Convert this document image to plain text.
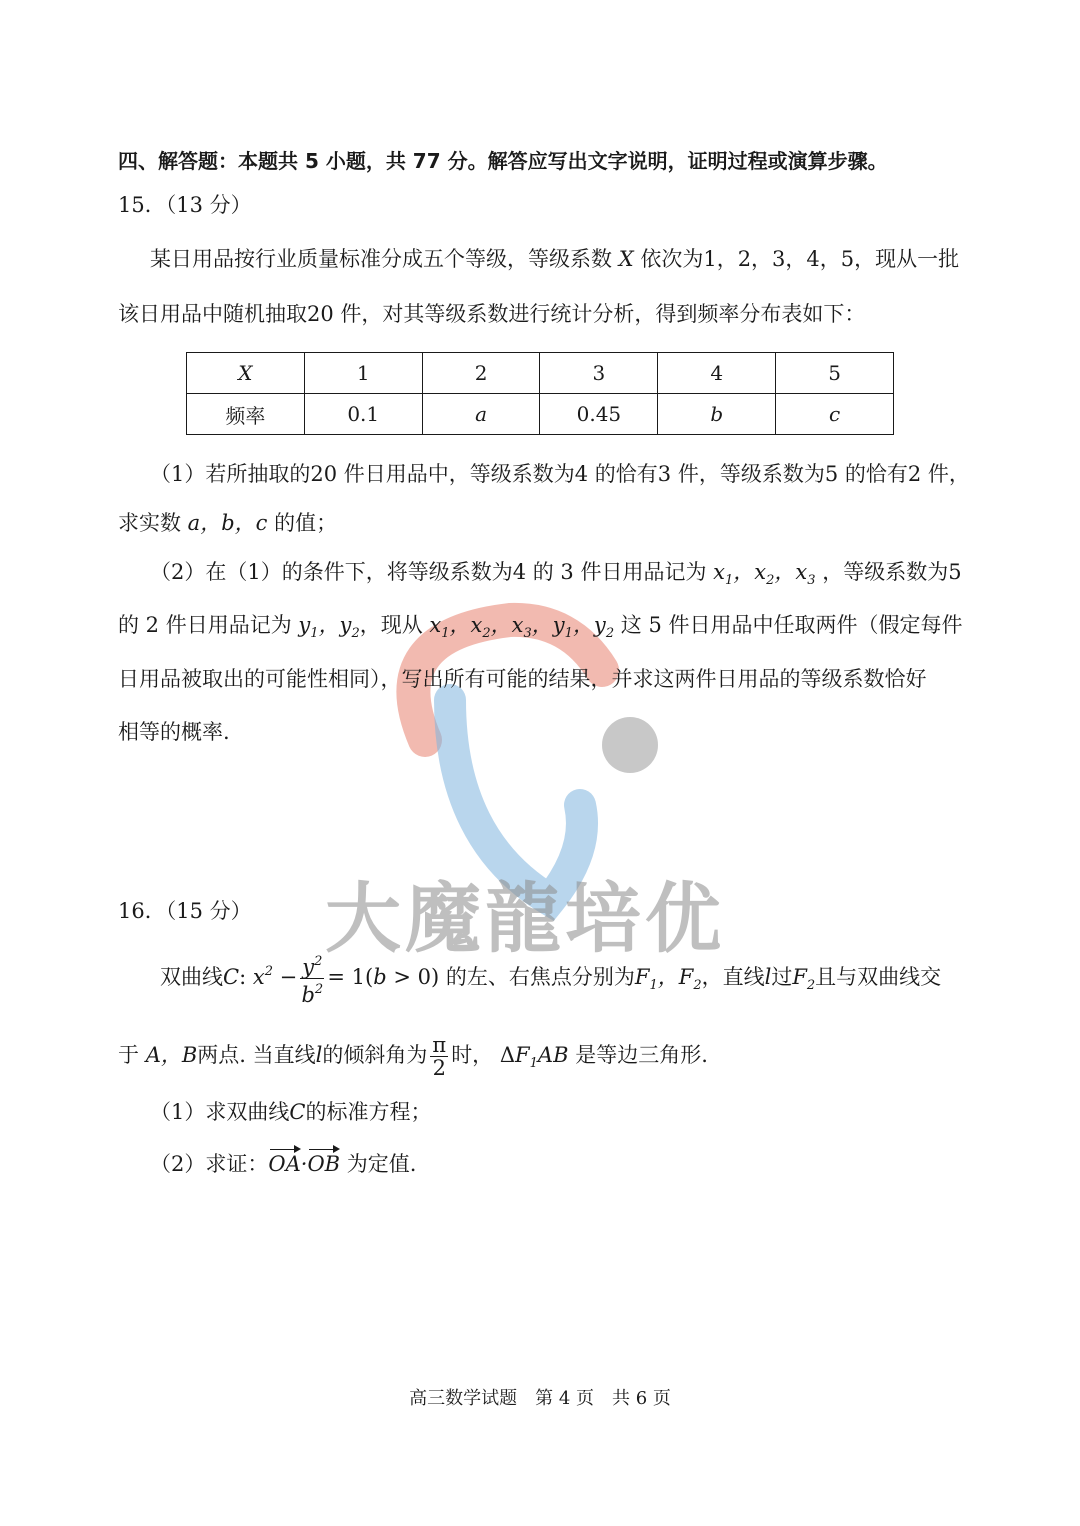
大魔龍培优
四、解答题：本题共 5 小题，共 77 分。解答应写出文字说明，证明过程或演算步骤。
15．（13 分）
某日用品按行业质量标准分成五个等级，等级系数 X 依次为1，2，3，4，5，现从一批
该日用品中随机抽取20 件，对其等级系数进行统计分析，得到频率分布表如下：
X	1	2	3	4	5
频率	0.1	a	0.45	b	c
（1）若所抽取的20 件日用品中，等级系数为4 的恰有3 件，等级系数为5 的恰有2 件，
求实数 a，b，c 的值；
（2）在（1）的条件下，将等级系数为4 的 3 件日用品记为 $x_1$，$x_2$，$x_3$ ，等级系数为5
的 2 件日用品记为 $y_1$，$y_2$，现从 $x_1$，$x_2$，$x_3$，$y_1$，$y_2$ 这 5 件日用品中任取两件（假定每件
日用品被取出的可能性相同），写出所有可能的结果，并求这两件日用品的等级系数恰好
相等的概率.
16．（15 分）
双曲线C: $x^2 - \frac{y^2}{b^2} = 1(b > 0)$ 的左、右焦点分别为$F_1$，$F_2$，直线l过$F_2$且与双曲线交
于 A，B两点. 当直线l的倾斜角为 $\frac{\pi}{2}$ 时， $\Delta F_1AB$ 是等边三角形.
（1）求双曲线C的标准方程；
（2）求证：OA·OB 为定值.
高三数学试题　第 4 页　共 6 页
